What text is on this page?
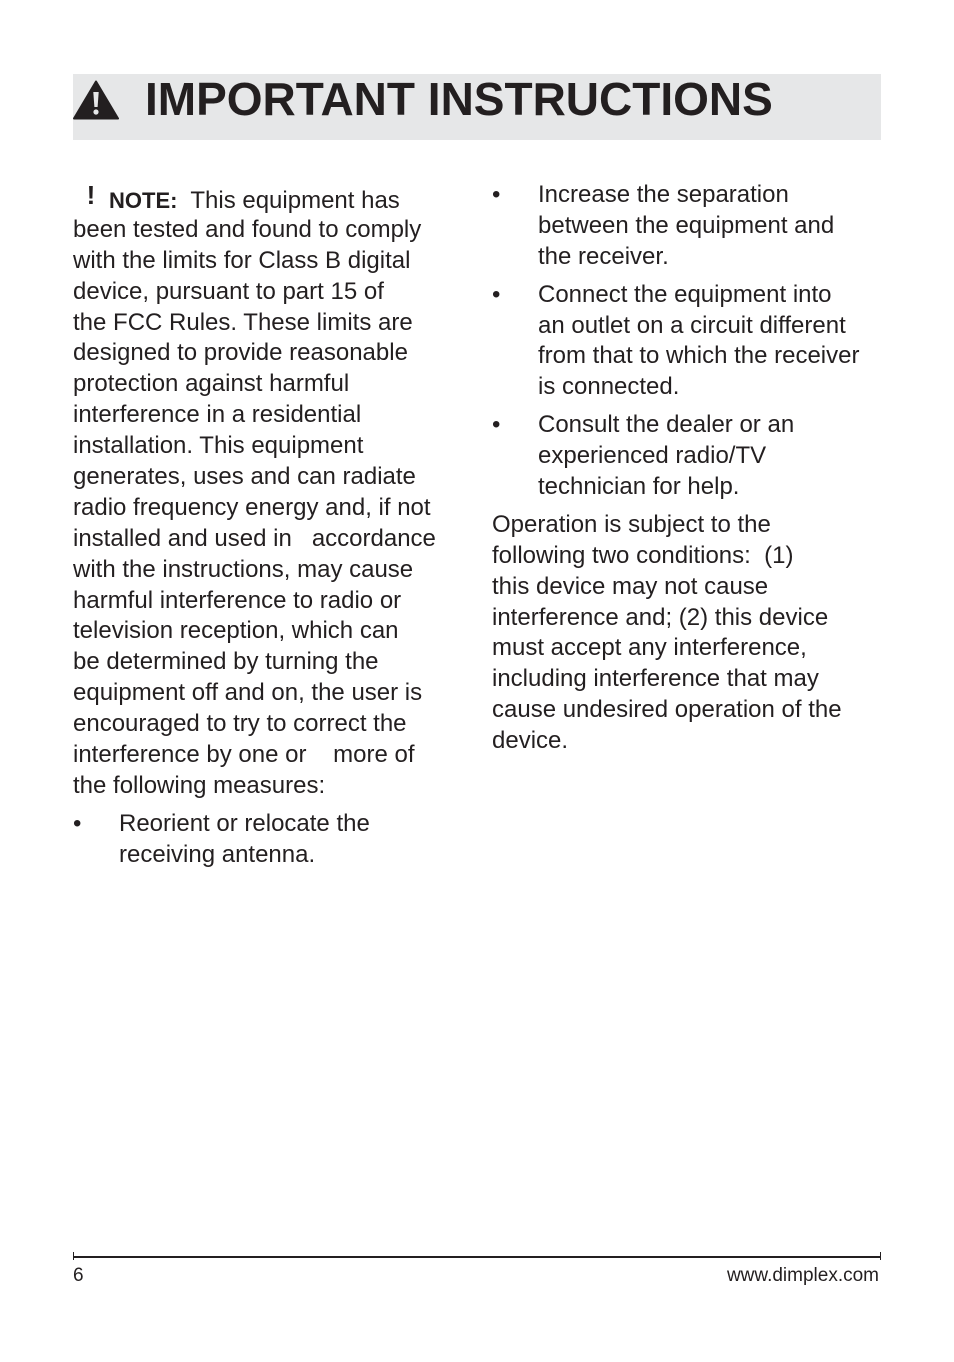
IMPORTANT INSTRUCTIONS
! NOTE:  This equipment has
been tested and found to comply
with the limits for Class B digital
device, pursuant to part 15 of
the FCC Rules. These limits are
designed to provide reasonable
protection against harmful
interference in a residential
installation. This equipment
generates, uses and can radiate
radio frequency energy and, if not
installed and used in   accordance
with the instructions, may cause
harmful interference to radio or
television reception, which can
be determined by turning the
equipment off and on, the user is
encouraged to try to correct the
interference by one or    more of
the following measures:
• Reorient or relocate the
receiving antenna.
• Increase the separation
between the equipment and
the receiver.
• Connect the equipment into
an outlet on a circuit different
from that to which the receiver
is connected.
• Consult the dealer or an
experienced radio/TV
technician for help.
Operation is subject to the
following two conditions:  (1)
this device may not cause
interference and; (2) this device
must accept any interference,
including interference that may
cause undesired operation of the
device.
6	www.dimplex.com
